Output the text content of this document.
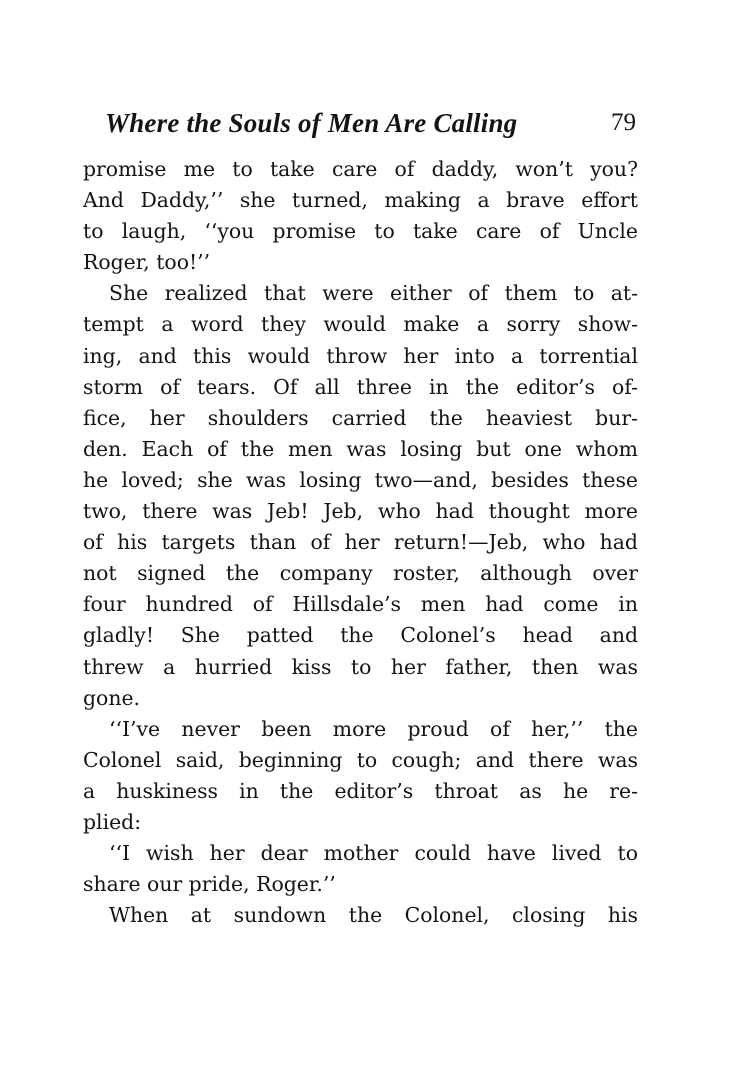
Where the Souls of Men Are Calling	79
promise me to take care of daddy, won’t you?
And Daddy,’’ she turned, making a brave effort
to laugh, ‘‘you promise to take care of Uncle
Roger, too!’’
She realized that were either of them to at-
tempt a word they would make a sorry show-
ing, and this would throw her into a torrential
storm of tears. Of all three in the editor’s of-
fice, her shoulders carried the heaviest bur-
den. Each of the men was losing but one whom
he loved; she was losing two—and, besides these
two, there was Jeb! Jeb, who had thought more
of his targets than of her return!—Jeb, who had
not signed the company roster, although over
four hundred of Hillsdale’s men had come in
gladly! She patted the Colonel’s head and
threw a hurried kiss to her father, then was
gone.
‘‘I’ve never been more proud of her,’’ the
Colonel said, beginning to cough; and there was
a huskiness in the editor’s throat as he re-
plied:
‘‘I wish her dear mother could have lived to
share our pride, Roger.’’
When at sundown the Colonel, closing his
